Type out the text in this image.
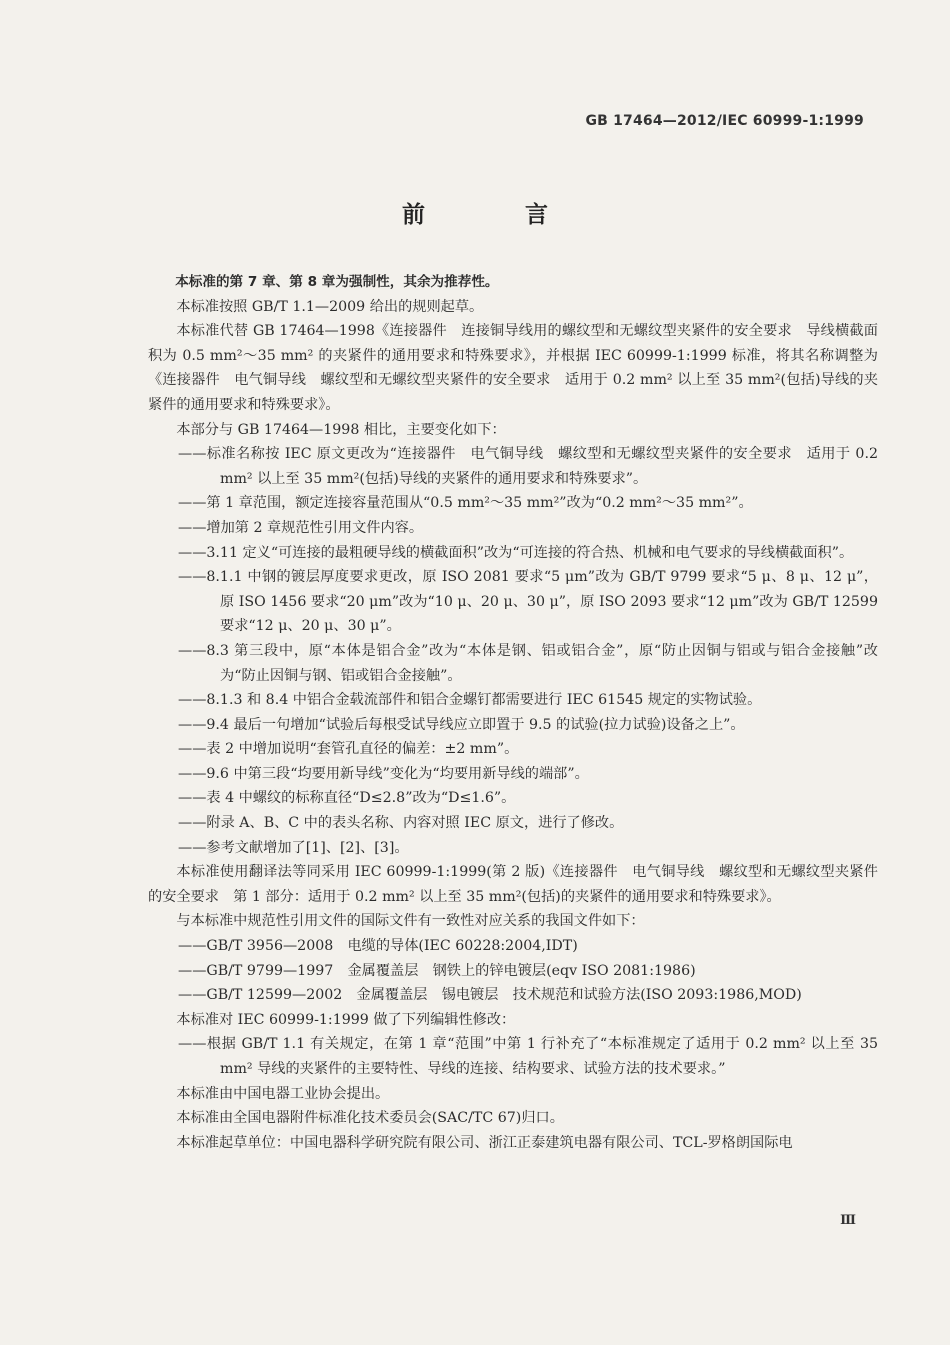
GB 17464—2012/IEC 60999-1:1999
前 言

本标准的第 7 章、第 8 章为强制性，其余为推荐性。

本标准按照 GB/T 1.1—2009 给出的规则起草。

本标准代替 GB 17464—1998《连接器件　连接铜导线用的螺纹型和无螺纹型夹紧件的安全要求　导线横截面积为 0.5 mm²～35 mm² 的夹紧件的通用要求和特殊要求》，并根据 IEC 60999-1:1999 标准，将其名称调整为《连接器件　电气铜导线　螺纹型和无螺纹型夹紧件的安全要求　适用于 0.2 mm² 以上至 35 mm²(包括)导线的夹紧件的通用要求和特殊要求》。

本部分与 GB 17464—1998 相比，主要变化如下：

——标准名称按 IEC 原文更改为“连接器件　电气铜导线　螺纹型和无螺纹型夹紧件的安全要求　适用于 0.2 mm² 以上至 35 mm²(包括)导线的夹紧件的通用要求和特殊要求”。

——第 1 章范围，额定连接容量范围从“0.5 mm²～35 mm²”改为“0.2 mm²～35 mm²”。

——增加第 2 章规范性引用文件内容。

——3.11 定义“可连接的最粗硬导线的横截面积”改为“可连接的符合热、机械和电气要求的导线横截面积”。

——8.1.1 中钢的镀层厚度要求更改，原 ISO 2081 要求“5 μm”改为 GB/T 9799 要求“5 μ、8 μ、12 μ”，原 ISO 1456 要求“20 μm”改为“10 μ、20 μ、30 μ”，原 ISO 2093 要求“12 μm”改为 GB/T 12599 要求“12 μ、20 μ、30 μ”。

——8.3 第三段中，原“本体是铝合金”改为“本体是钢、铝或铝合金”，原“防止因铜与铝或与铝合金接触”改为“防止因铜与钢、铝或铝合金接触”。

——8.1.3 和 8.4 中铝合金载流部件和铝合金螺钉都需要进行 IEC 61545 规定的实物试验。

——9.4 最后一句增加“试验后每根受试导线应立即置于 9.5 的试验(拉力试验)设备之上”。

——表 2 中增加说明“套管孔直径的偏差：±2 mm”。

——9.6 中第三段“均要用新导线”变化为“均要用新导线的端部”。

——表 4 中螺纹的标称直径“D≤2.8”改为“D≤1.6”。

——附录 A、B、C 中的表头名称、内容对照 IEC 原文，进行了修改。

——参考文献增加了[1]、[2]、[3]。

本标准使用翻译法等同采用 IEC 60999-1:1999(第 2 版)《连接器件　电气铜导线　螺纹型和无螺纹型夹紧件的安全要求　第 1 部分：适用于 0.2 mm² 以上至 35 mm²(包括)的夹紧件的通用要求和特殊要求》。

与本标准中规范性引用文件的国际文件有一致性对应关系的我国文件如下：

——GB/T 3956—2008　电缆的导体(IEC 60228:2004,IDT)

——GB/T 9799—1997　金属覆盖层　钢铁上的锌电镀层(eqv ISO 2081:1986)

——GB/T 12599—2002　金属覆盖层　锡电镀层　技术规范和试验方法(ISO 2093:1986,MOD)

本标准对 IEC 60999-1:1999 做了下列编辑性修改：

——根据 GB/T 1.1 有关规定，在第 1 章“范围”中第 1 行补充了“本标准规定了适用于 0.2 mm² 以上至 35 mm² 导线的夹紧件的主要特性、导线的连接、结构要求、试验方法的技术要求。”

本标准由中国电器工业协会提出。

本标准由全国电器附件标准化技术委员会(SAC/TC 67)归口。

本标准起草单位：中国电器科学研究院有限公司、浙江正泰建筑电器有限公司、TCL-罗格朗国际电

Ⅲ
